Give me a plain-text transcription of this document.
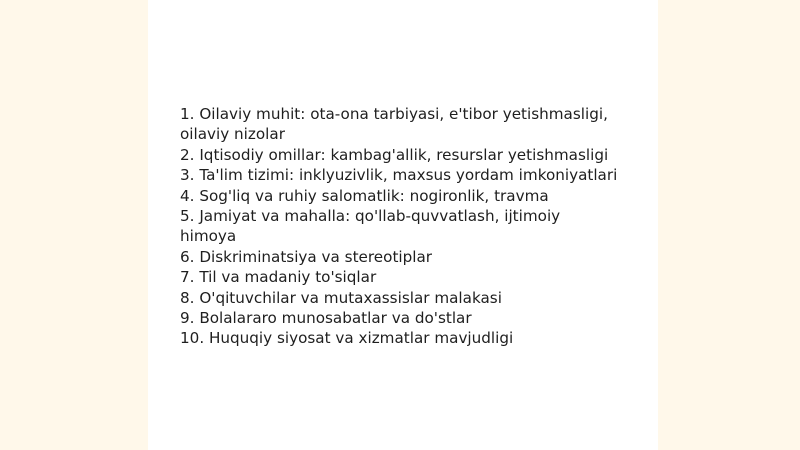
1. Oilaviy muhit: ota-ona tarbiyasi, e'tibor yetishmasligi, oilaviy nizolar
2. Iqtisodiy omillar: kambag'allik, resurslar yetishmasligi
3. Ta'lim tizimi: inklyuzivlik, maxsus yordam imkoniyatlari
4. Sog'liq va ruhiy salomatlik: nogironlik, travma
5. Jamiyat va mahalla: qo'llab-quvvatlash, ijtimoiy himoya
6. Diskriminatsiya va stereotiplar
7. Til va madaniy to'siqlar
8. O'qituvchilar va mutaxassislar malakasi
9. Bolalararo munosabatlar va do'stlar
10. Huquqiy siyosat va xizmatlar mavjudligi
